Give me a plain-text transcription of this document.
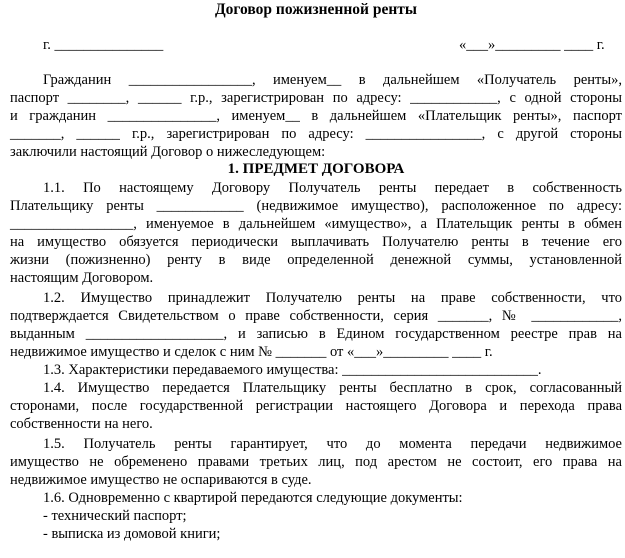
Договор пожизненной ренты
г. _______________	«___»_________ ____ г.
Гражданин _________________, именуем__ в дальнейшем «Получатель ренты»,
паспорт ________, ______ г.р., зарегистрирован по адресу: ____________, с одной стороны
и гражданин _______________, именуем__ в дальнейшем «Плательщик ренты», паспорт
_______, ______ г.р., зарегистрирован по адресу: ________________, с другой стороны
заключили настоящий Договор о нижеследующем:
1. ПРЕДМЕТ ДОГОВОРА
1.1. По настоящему Договору Получатель ренты передает в собственность
Плательщику ренты ____________ (недвижимое имущество), расположенное по адресу:
_________________, именуемое в дальнейшем «имущество», а Плательщик ренты в обмен
на имущество обязуется периодически выплачивать Получателю ренты в течение его
жизни (пожизненно) ренту в виде определенной денежной суммы, установленной
настоящим Договором.
1.2. Имущество принадлежит Получателю ренты на праве собственности, что
подтверждается Свидетельством о праве собственности, серия _______, № ____________,
выданным ___________________, и записью в Едином государственном реестре прав на
недвижимое имущество и сделок с ним № _______ от «___»_________ ____ г.
1.3. Характеристики передаваемого имущества: ___________________________.
1.4. Имущество передается Плательщику ренты бесплатно в срок, согласованный
сторонами, после государственной регистрации настоящего Договора и перехода права
собственности на него.
1.5. Получатель ренты гарантирует, что до момента передачи недвижимое
имущество не обременено правами третьих лиц, под арестом не состоит, его права на
недвижимое имущество не оспариваются в суде.
1.6. Одновременно с квартирой передаются следующие документы:
- технический паспорт;
- выписка из домовой книги;
